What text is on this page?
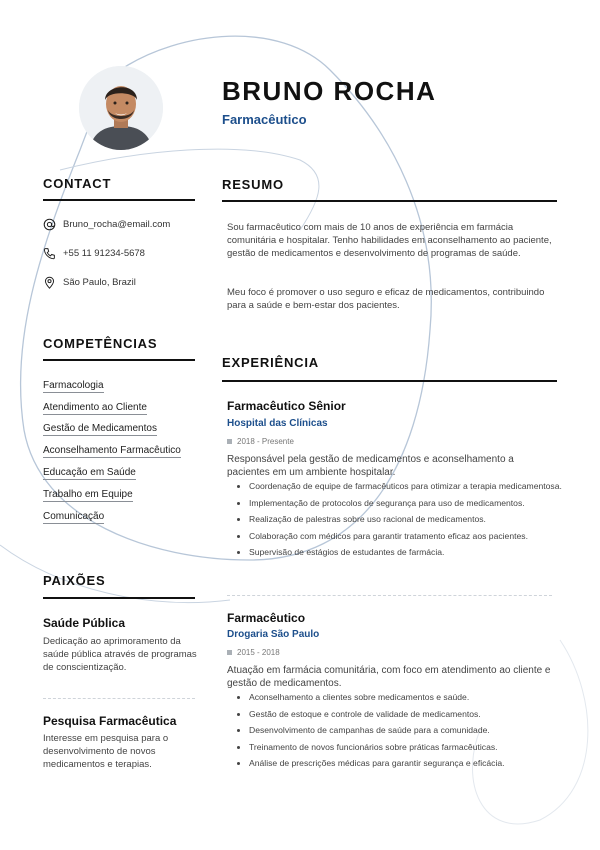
BRUNO ROCHA
Farmacêutico
CONTACT
Bruno_rocha@email.com
+55 11 91234-5678
São Paulo, Brazil
COMPETÊNCIAS
Farmacologia
Atendimento ao Cliente
Gestão de Medicamentos
Aconselhamento Farmacêutico
Educação em Saúde
Trabalho em Equipe
Comunicação
PAIXÕES
Saúde Pública
Dedicação ao aprimoramento da saúde pública através de programas de conscientização.
Pesquisa Farmacêutica
Interesse em pesquisa para o desenvolvimento de novos medicamentos e terapias.
RESUMO
Sou farmacêutico com mais de 10 anos de experiência em farmácia comunitária e hospitalar. Tenho habilidades em aconselhamento ao paciente, gestão de medicamentos e desenvolvimento de programas de saúde.
Meu foco é promover o uso seguro e eficaz de medicamentos, contribuindo para a saúde e bem-estar dos pacientes.
EXPERIÊNCIA
Farmacêutico Sênior
Hospital das Clínicas
2018 - Presente
Responsável pela gestão de medicamentos e aconselhamento a pacientes em um ambiente hospitalar.
• Coordenação de equipe de farmacêuticos para otimizar a terapia medicamentosa.
• Implementação de protocolos de segurança para uso de medicamentos.
• Realização de palestras sobre uso racional de medicamentos.
• Colaboração com médicos para garantir tratamento eficaz aos pacientes.
• Supervisão de estágios de estudantes de farmácia.
Farmacêutico
Drogaria São Paulo
2015 - 2018
Atuação em farmácia comunitária, com foco em atendimento ao cliente e gestão de medicamentos.
• Aconselhamento a clientes sobre medicamentos e saúde.
• Gestão de estoque e controle de validade de medicamentos.
• Desenvolvimento de campanhas de saúde para a comunidade.
• Treinamento de novos funcionários sobre práticas farmacêuticas.
• Análise de prescrições médicas para garantir segurança e eficácia.
